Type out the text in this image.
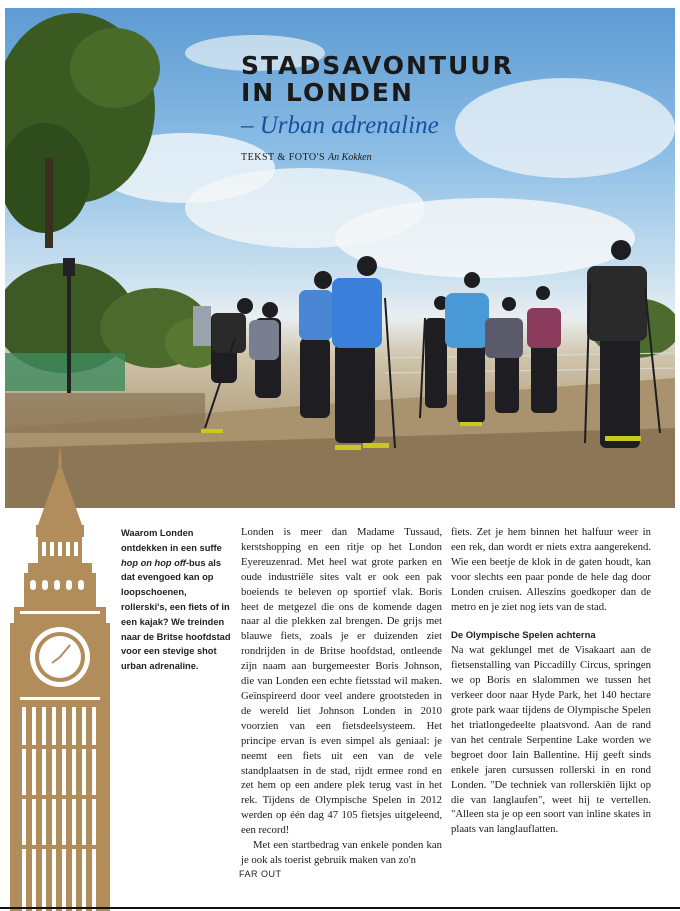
STADSAVONTUUR
IN LONDEN
– Urban adrenaline
TEKST & FOTO'S An Kokken
Waarom Londen ontdekken in een suffe hop on hop off-bus als dat evengoed kan op loopschoenen, rollerski's, een fiets of in een kajak? We treinden naar de Britse hoofdstad voor een stevige shot urban adrenaline.

Londen is meer dan Madame Tussaud, kerstshopping en een ritje op het London Eyereuzenrad. Met heel wat grote parken en oude industriële sites valt er ook een pak boeiends te beleven op sportief vlak. Boris heet de metgezel die ons de komende dagen naar al die plekken zal brengen. De grijs met blauwe fiets, zoals je er duizenden ziet rondrijden in de Britse hoofdstad, ontleende zijn naam aan burgemeester Boris Johnson, die van Londen een echte fietsstad wil maken. Geïnspireerd door veel andere grootsteden in de wereld liet Johnson Londen in 2010 voorzien van een fietsdeelsysteem. Het principe ervan is even simpel als geniaal: je neemt een fiets uit een van de vele standplaatsen in de stad, rijdt ermee rond en zet hem op een andere plek terug vast in het rek. Tijdens de Olympische Spelen in 2012 werden op één dag 47 105 fietsjes uitgeleend, een record!

Met een startbedrag van enkele ponden kan je ook als toerist gebruik maken van zo'n

fiets. Zet je hem binnen het halfuur weer in een rek, dan wordt er niets extra aangerekend. Wie een beetje de klok in de gaten houdt, kan voor slechts een paar ponde de hele dag door Londen cruisen. Alleszins goedkoper dan de metro en je ziet nog iets van de stad.

De Olympische Spelen achterna

Na wat geklungel met de Visakaart aan de fietsenstalling van Piccadilly Circus, springen we op Boris en slalommen we tussen het verkeer door naar Hyde Park, het 140 hectare grote park waar tijdens de Olympische Spelen het triatlongedeelte plaatsvond. Aan de rand van het centrale Serpentine Lake worden we begroet door Iain Ballentine. Hij geeft sinds enkele jaren cursussen rollerski in en rond Londen. "De techniek van rollerskiën lijkt op die van langlaufen", weet hij te vertellen. "Alleen sta je op een soort van inline skates in plaats van langlauflatten.

FAR OUT
